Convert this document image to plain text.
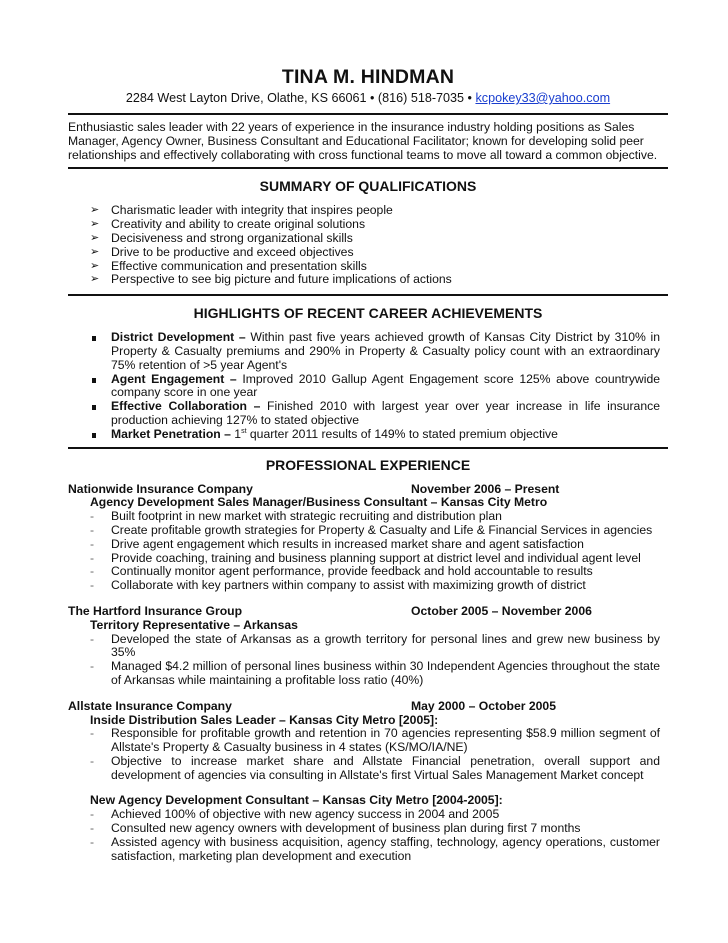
TINA M. HINDMAN
2284 West Layton Drive, Olathe, KS 66061 • (816) 518-7035 • kcpokey33@yahoo.com
Enthusiastic sales leader with 22 years of experience in the insurance industry holding positions as Sales Manager, Agency Owner, Business Consultant and Educational Facilitator; known for developing solid peer relationships and effectively collaborating with cross functional teams to move all toward a common objective.
SUMMARY OF QUALIFICATIONS
➢ Charismatic leader with integrity that inspires people
➢ Creativity and ability to create original solutions
➢ Decisiveness and strong organizational skills
➢ Drive to be productive and exceed objectives
➢ Effective communication and presentation skills
➢ Perspective to see big picture and future implications of actions
HIGHLIGHTS OF RECENT CAREER ACHIEVEMENTS
District Development – Within past five years achieved growth of Kansas City District by 310% in Property & Casualty premiums and 290% in Property & Casualty policy count with an extraordinary 75% retention of >5 year Agent's
Agent Engagement – Improved 2010 Gallup Agent Engagement score 125% above countrywide company score in one year
Effective Collaboration – Finished 2010 with largest year over year increase in life insurance production achieving 127% to stated objective
Market Penetration – 1st quarter 2011 results of 149% to stated premium objective
PROFESSIONAL EXPERIENCE
Nationwide Insurance Company	November 2006 – Present
Agency Development Sales Manager/Business Consultant – Kansas City Metro
- Built footprint in new market with strategic recruiting and distribution plan
- Create profitable growth strategies for Property & Casualty and Life & Financial Services in agencies
- Drive agent engagement which results in increased market share and agent satisfaction
- Provide coaching, training and business planning support at district level and individual agent level
- Continually monitor agent performance, provide feedback and hold accountable to results
- Collaborate with key partners within company to assist with maximizing growth of district
The Hartford Insurance Group	October 2005 – November 2006
Territory Representative – Arkansas
- Developed the state of Arkansas as a growth territory for personal lines and grew new business by 35%
- Managed $4.2 million of personal lines business within 30 Independent Agencies throughout the state of Arkansas while maintaining a profitable loss ratio (40%)
Allstate Insurance Company	May 2000 – October 2005
Inside Distribution Sales Leader – Kansas City Metro [2005]:
- Responsible for profitable growth and retention in 70 agencies representing $58.9 million segment of Allstate's Property & Casualty business in 4 states (KS/MO/IA/NE)
- Objective to increase market share and Allstate Financial penetration, overall support and development of agencies via consulting in Allstate's first Virtual Sales Management Market concept
New Agency Development Consultant – Kansas City Metro [2004-2005]:
- Achieved 100% of objective with new agency success in 2004 and 2005
- Consulted new agency owners with development of business plan during first 7 months
- Assisted agency with business acquisition, agency staffing, technology, agency operations, customer satisfaction, marketing plan development and execution
